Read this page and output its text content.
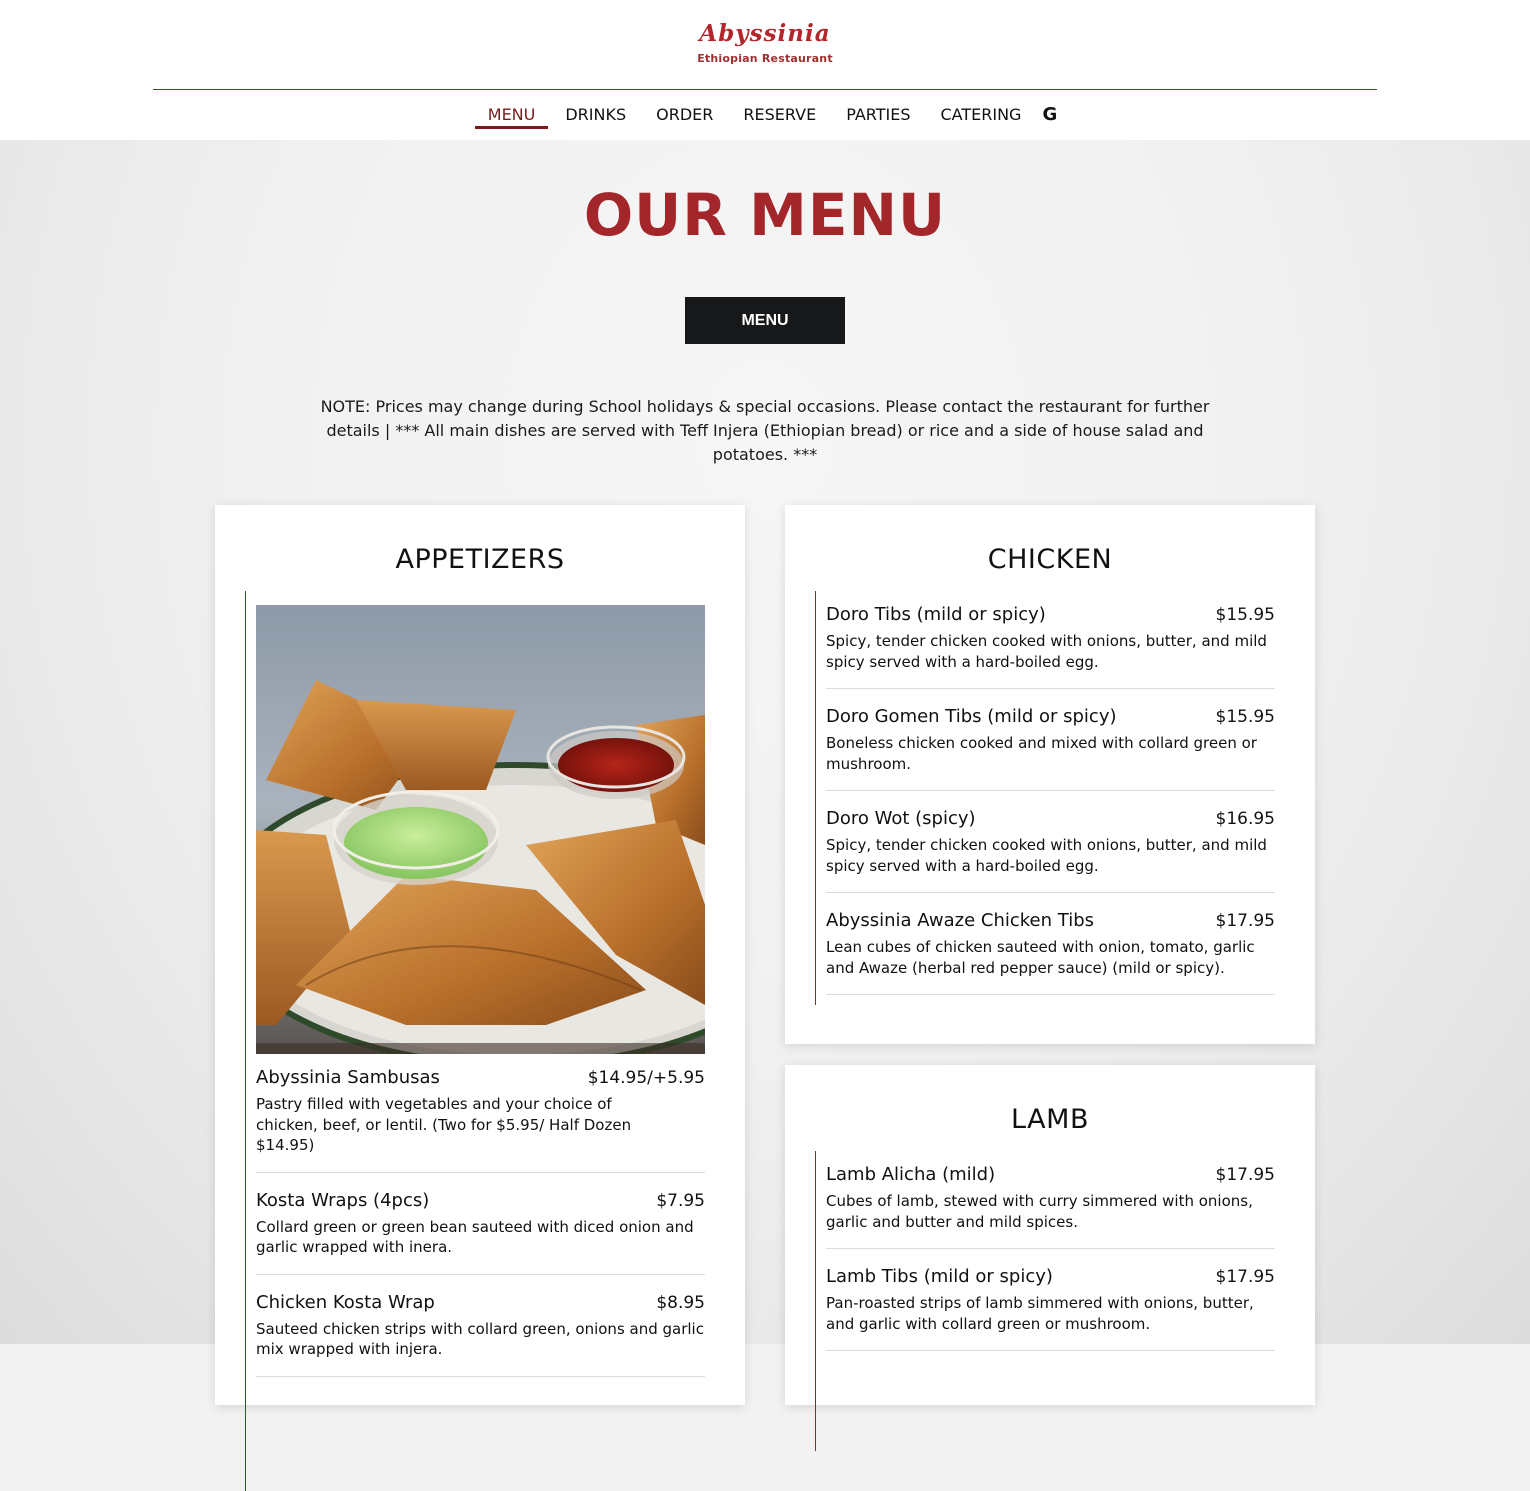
Abyssinia
Ethiopian Restaurant
MENU DRINKS ORDER RESERVE PARTIES CATERING G
OUR MENU
MENU
NOTE: Prices may change during School holidays & special occasions. Please contact the restaurant for further details | *** All main dishes are served with Teff Injera (Ethiopian bread) or rice and a side of house salad and potatoes. ***
APPETIZERS
Abyssinia Sambusas	$14.95/+5.95
Pastry filled with vegetables and your choice of chicken, beef, or lentil. (Two for $5.95/ Half Dozen $14.95)
Kosta Wraps (4pcs)	$7.95
Collard green or green bean sauteed with diced onion and garlic wrapped with inera.
Chicken Kosta Wrap	$8.95
Sauteed chicken strips with collard green, onions and garlic mix wrapped with injera.
CHICKEN
Doro Tibs (mild or spicy)	$15.95
Spicy, tender chicken cooked with onions, butter, and mild spicy served with a hard-boiled egg.
Doro Gomen Tibs (mild or spicy)	$15.95
Boneless chicken cooked and mixed with collard green or mushroom.
Doro Wot (spicy)	$16.95
Spicy, tender chicken cooked with onions, butter, and mild spicy served with a hard-boiled egg.
Abyssinia Awaze Chicken Tibs	$17.95
Lean cubes of chicken sauteed with onion, tomato, garlic and Awaze (herbal red pepper sauce) (mild or spicy).
LAMB
Lamb Alicha (mild)	$17.95
Cubes of lamb, stewed with curry simmered with onions, garlic and butter and mild spices.
Lamb Tibs (mild or spicy)	$17.95
Pan-roasted strips of lamb simmered with onions, butter, and garlic with collard green or mushroom.
